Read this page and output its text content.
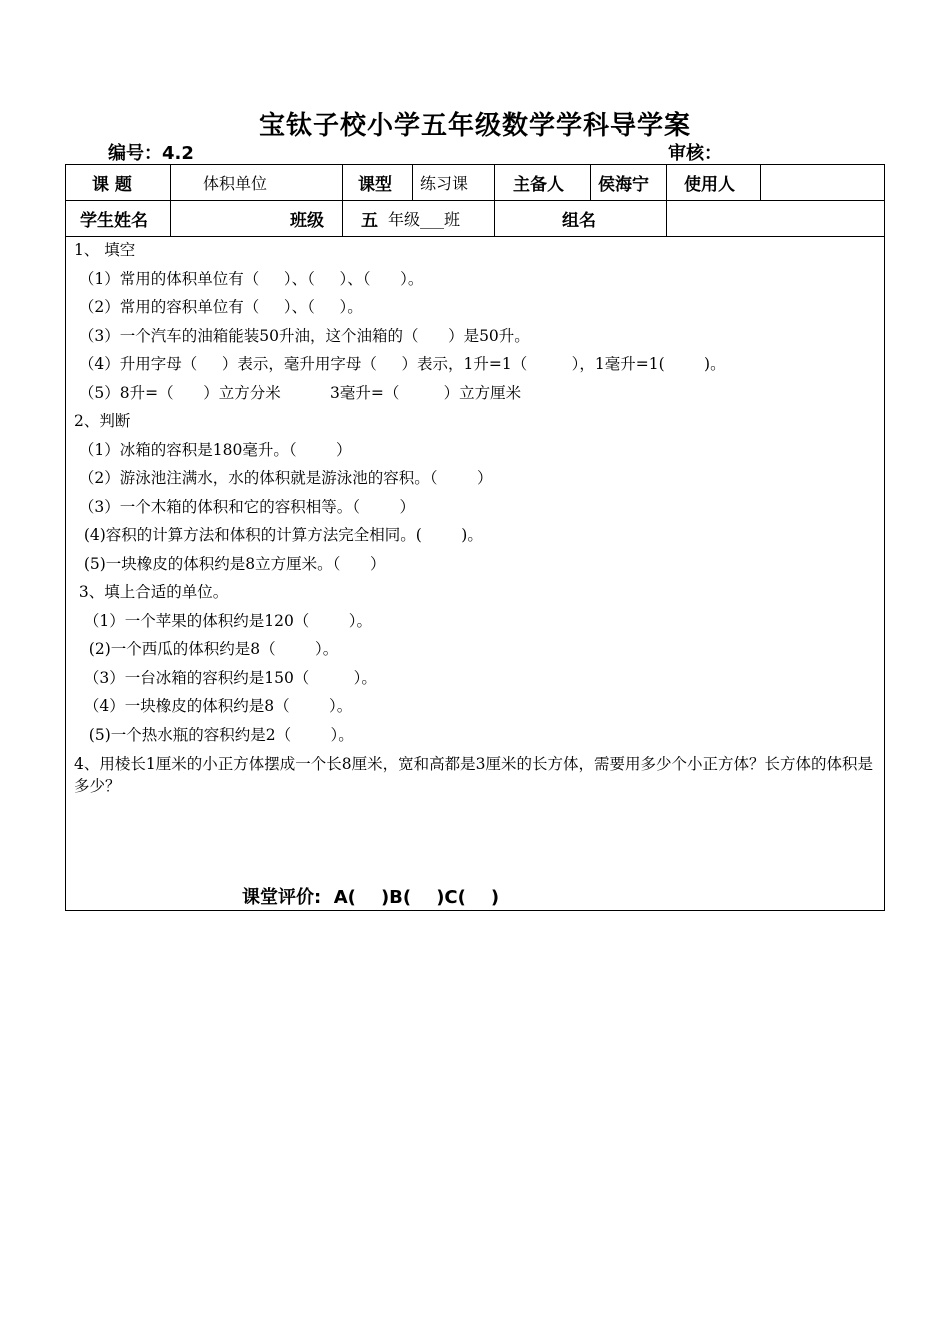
宝钛子校小学五年级数学学科导学案
编号：4.2	审核：
课 题	体积单位	课型 练习课	主备人 侯海宁 使用人
学生姓名	班级 五 年级___班	组名
1、 填空
（1）常用的体积单位有（     ）、（     ）、（      ）。
（2）常用的容积单位有（     ）、（     ）。
（3）一个汽车的油箱能装50升油，这个油箱的（      ）是50升。
（4）升用字母（     ）表示，毫升用字母（     ）表示，1升=1（         ），1毫升=1(        )。
（5）8升=（      ）立方分米          3毫升=（         ）立方厘米
2、判断
（1）冰箱的容积是180毫升。（        ）
（2）游泳池注满水，水的体积就是游泳池的容积。（        ）
（3）一个木箱的体积和它的容积相等。（        ）
(4)容积的计算方法和体积的计算方法完全相同。(        )。
(5)一块橡皮的体积约是8立方厘米。（      ）
3、填上合适的单位。
（1）一个苹果的体积约是120（        ）。
(2)一个西瓜的体积约是8（        ）。
（3）一台冰箱的容积约是150（         ）。
（4）一块橡皮的体积约是8（        ）。
(5)一个热水瓶的容积约是2（        ）。
4、用棱长1厘米的小正方体摆成一个长8厘米，宽和高都是3厘米的长方体，需要用多少个小正方体？长方体的体积是多少？
课堂评价:  A(    )B(    )C(    )
